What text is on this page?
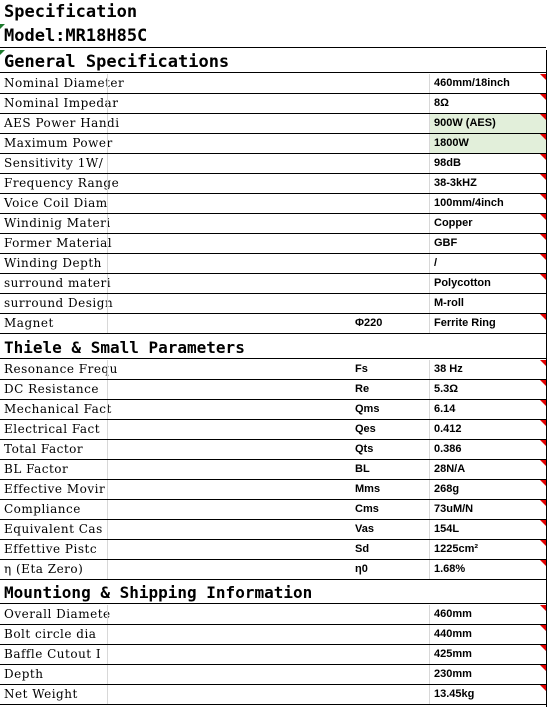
Specification
Model:MR18H85C
General Specifications
Nominal Diameter	460mm/18inch
Nominal Impedar	8Ω
AES Power Handi	900W (AES)
Maximum Power	1800W
Sensitivity 1W/	98dB
Frequency Range	38-3kHZ
Voice Coil Diam	100mm/4inch
Windinig Materi	Copper
Former Material	GBF
Winding Depth	/
surround materi	Polycotton
surround Design	M-roll
Magnet	Φ220	Ferrite Ring
Thiele & Small Parameters
Resonance Frequ	Fs	38 Hz
DC Resistance	Re	5.3Ω
Mechanical Fact	Qms	6.14
Electrical Fact	Qes	0.412
Total Factor	Qts	0.386
BL Factor	BL	28N/A
Effective Movir	Mms	268g
Compliance	Cms	73uM/N
Equivalent Cas	Vas	154L
Effettive Pistc	Sd	1225cm²
η (Eta Zero)	η0	1.68%
Mountiong & Shipping Information
Overall Diamete	460mm
Bolt circle dia	440mm
Baffle Cutout I	425mm
Depth	230mm
Net Weight	13.45kg
